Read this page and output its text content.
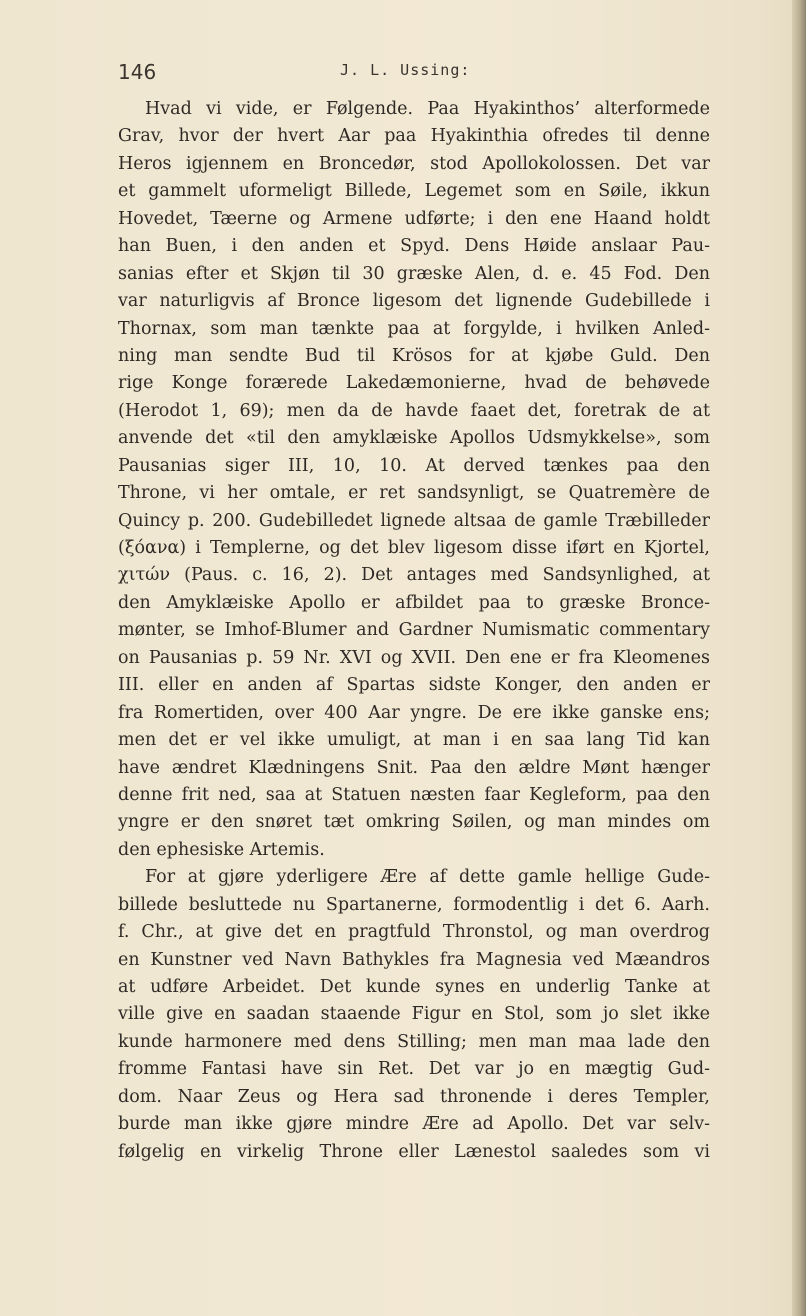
146	J. L. Ussing:
Hvad vi vide, er Følgende. Paa Hyakinthos’ alterformede
Grav, hvor der hvert Aar paa Hyakinthia ofredes til denne
Heros igjennem en Broncedør, stod Apollokolossen. Det var
et gammelt uformeligt Billede, Legemet som en Søile, ikkun
Hovedet, Tæerne og Armene udførte; i den ene Haand holdt
han Buen, i den anden et Spyd. Dens Høide anslaar Pau-
sanias efter et Skjøn til 30 græske Alen, d. e. 45 Fod. Den
var naturligvis af Bronce ligesom det lignende Gudebillede i
Thornax, som man tænkte paa at forgylde, i hvilken Anled-
ning man sendte Bud til Krösos for at kjøbe Guld. Den
rige Konge forærede Lakedæmonierne, hvad de behøvede
(Herodot 1, 69); men da de havde faaet det, foretrak de at
anvende det «til den amyklæiske Apollos Udsmykkelse», som
Pausanias siger III, 10, 10. At derved tænkes paa den
Throne, vi her omtale, er ret sandsynligt, se Quatremère de
Quincy p. 200. Gudebilledet lignede altsaa de gamle Træbilleder
(ξόανα) i Templerne, og det blev ligesom disse iført en Kjortel,
χιτών (Paus. c. 16, 2). Det antages med Sandsynlighed, at
den Amyklæiske Apollo er afbildet paa to græske Bronce-
mønter, se Imhof-Blumer and Gardner Numismatic commentary
on Pausanias p. 59 Nr. XVI og XVII. Den ene er fra Kleomenes
III. eller en anden af Spartas sidste Konger, den anden er
fra Romertiden, over 400 Aar yngre. De ere ikke ganske ens;
men det er vel ikke umuligt, at man i en saa lang Tid kan
have ændret Klædningens Snit. Paa den ældre Mønt hænger
denne frit ned, saa at Statuen næsten faar Kegleform, paa den
yngre er den snøret tæt omkring Søilen, og man mindes om
den ephesiske Artemis.
For at gjøre yderligere Ære af dette gamle hellige Gude-
billede besluttede nu Spartanerne, formodentlig i det 6. Aarh.
f. Chr., at give det en pragtfuld Thronstol, og man overdrog
en Kunstner ved Navn Bathykles fra Magnesia ved Mæandros
at udføre Arbeidet. Det kunde synes en underlig Tanke at
ville give en saadan staaende Figur en Stol, som jo slet ikke
kunde harmonere med dens Stilling; men man maa lade den
fromme Fantasi have sin Ret. Det var jo en mægtig Gud-
dom. Naar Zeus og Hera sad thronende i deres Templer,
burde man ikke gjøre mindre Ære ad Apollo. Det var selv-
følgelig en virkelig Throne eller Lænestol saaledes som vi
